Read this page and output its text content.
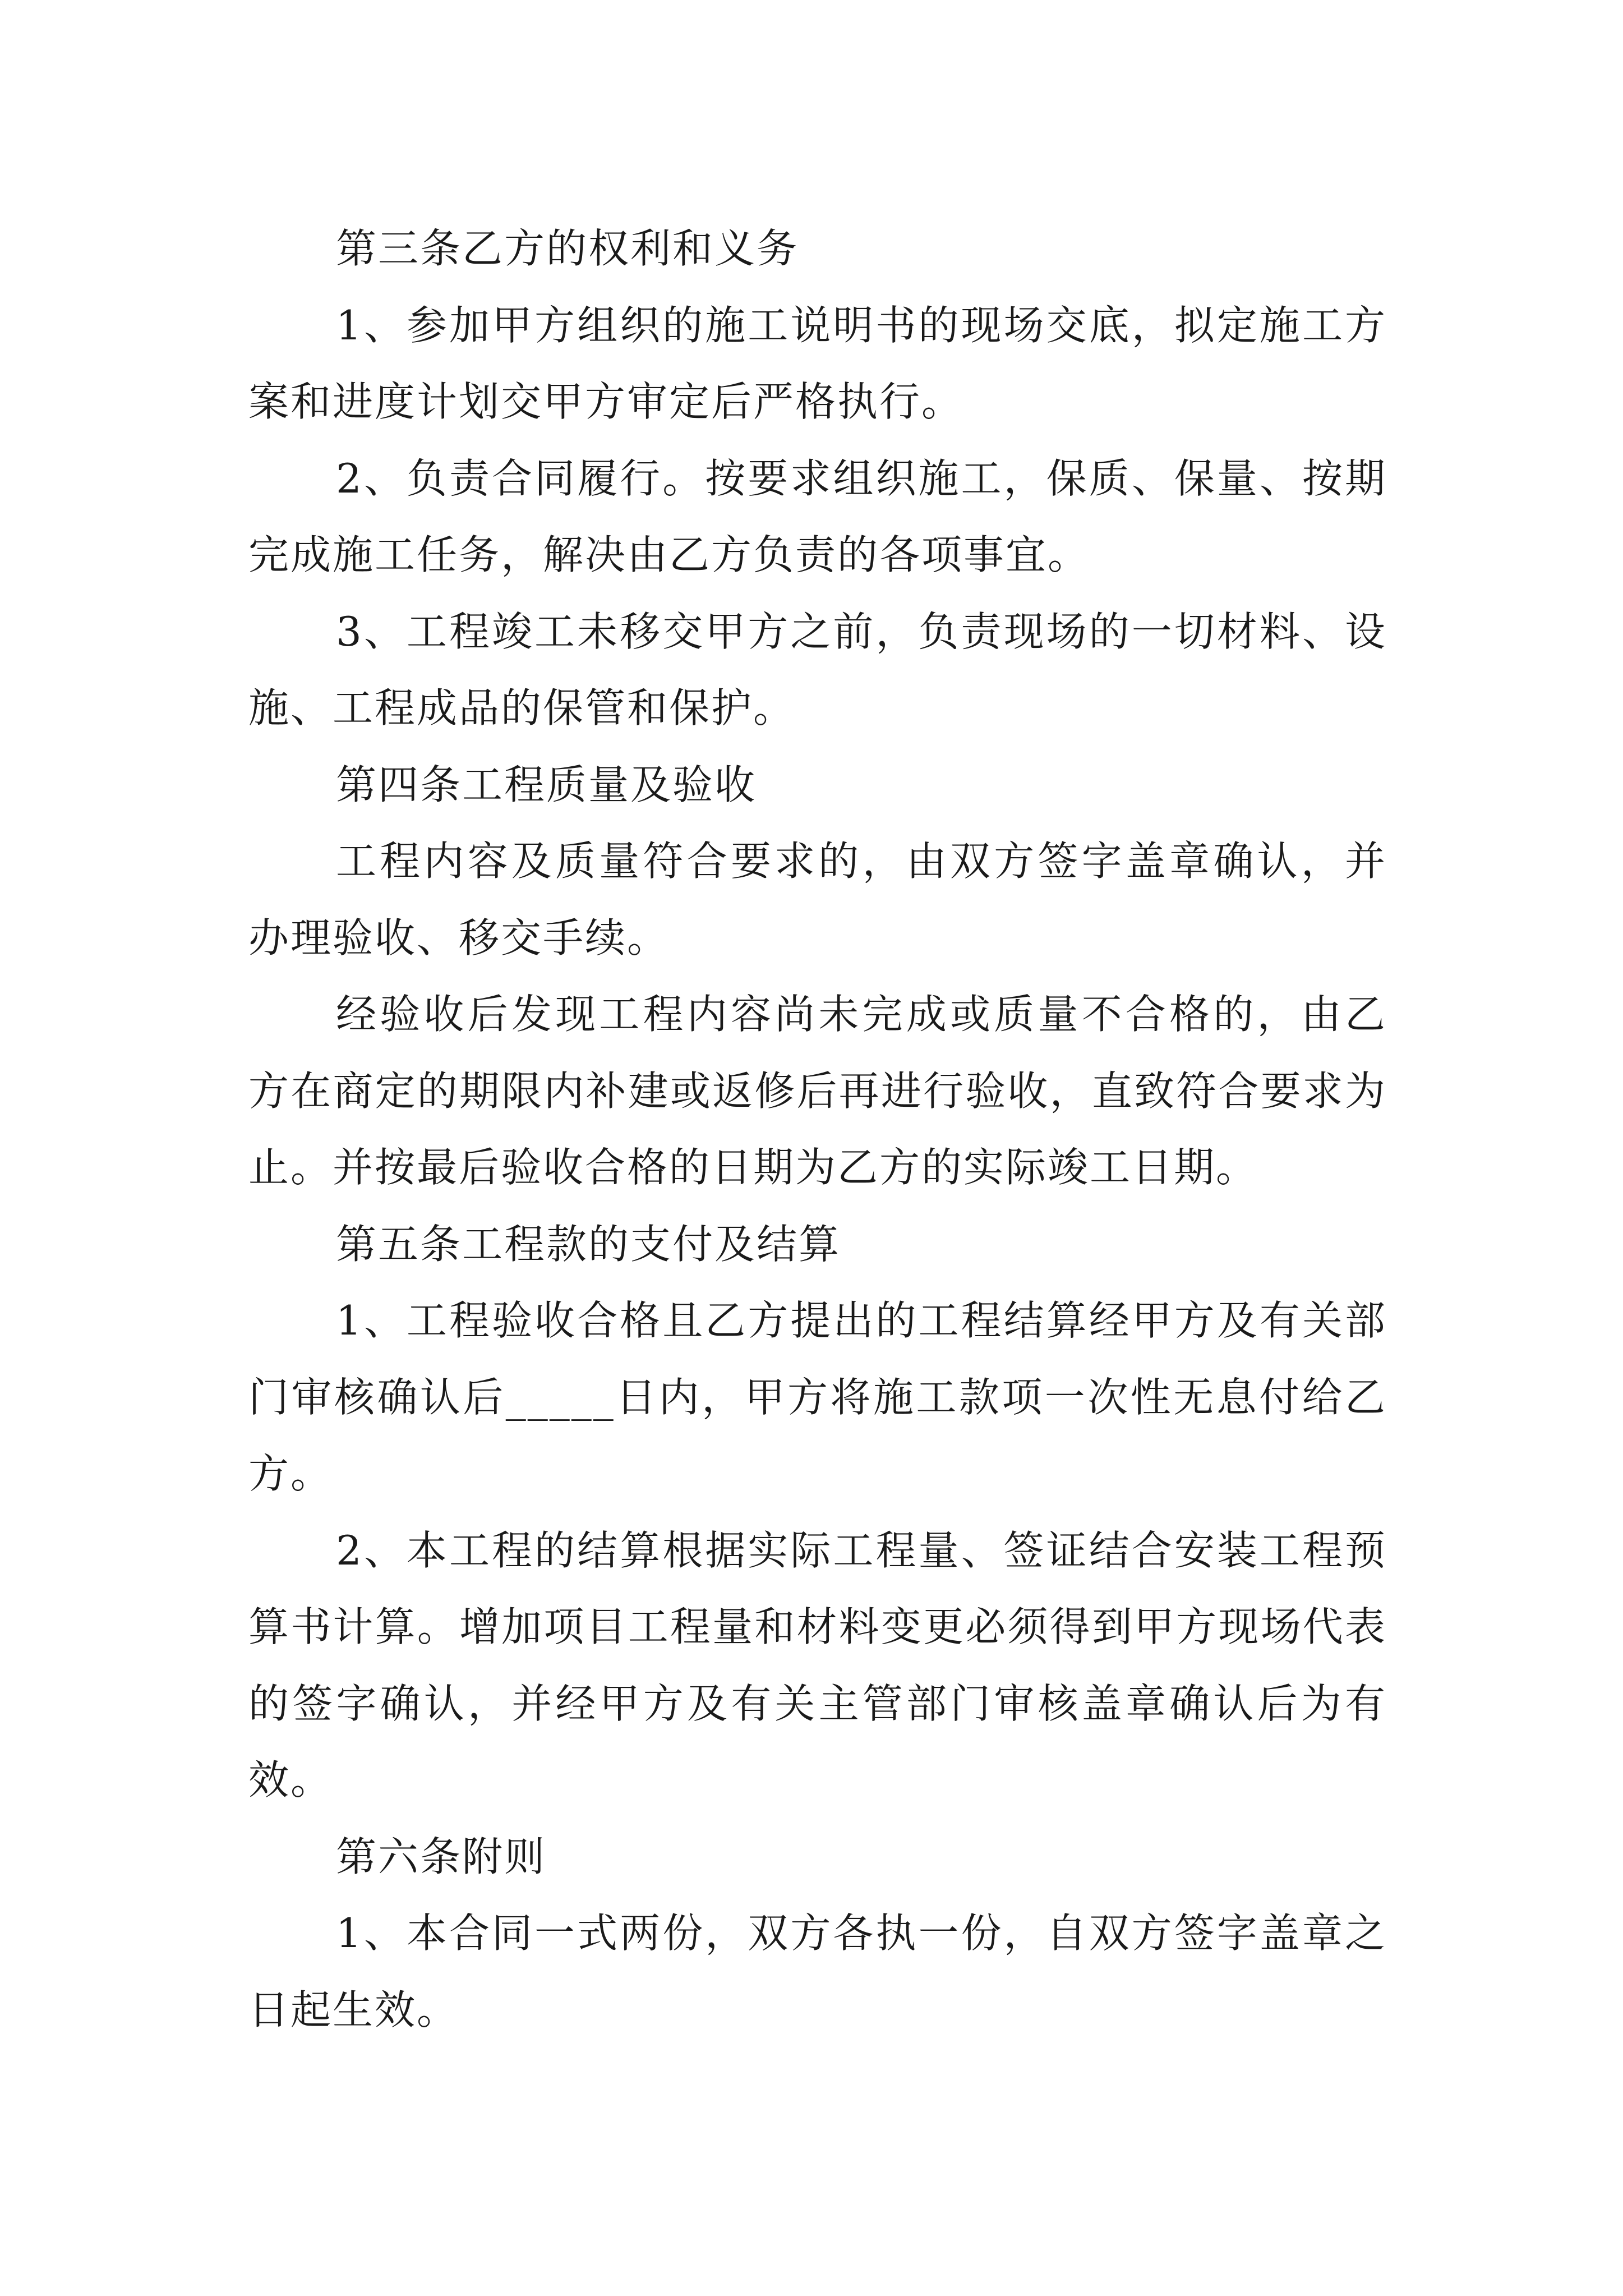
第三条乙方的权利和义务

1、参加甲方组织的施工说明书的现场交底，拟定施工方案和进度计划交甲方审定后严格执行。

2、负责合同履行。按要求组织施工，保质、保量、按期完成施工任务，解决由乙方负责的各项事宜。

3、工程竣工未移交甲方之前，负责现场的一切材料、设施、工程成品的保管和保护。

第四条工程质量及验收

工程内容及质量符合要求的，由双方签字盖章确认，并办理验收、移交手续。

经验收后发现工程内容尚未完成或质量不合格的，由乙方在商定的期限内补建或返修后再进行验收，直致符合要求为止。并按最后验收合格的日期为乙方的实际竣工日期。

第五条工程款的支付及结算

1、工程验收合格且乙方提出的工程结算经甲方及有关部门审核确认后_____日内，甲方将施工款项一次性无息付给乙方。

2、本工程的结算根据实际工程量、签证结合安装工程预算书计算。增加项目工程量和材料变更必须得到甲方现场代表的签字确认，并经甲方及有关主管部门审核盖章确认后为有效。

第六条附则

1、本合同一式两份，双方各执一份，自双方签字盖章之日起生效。
